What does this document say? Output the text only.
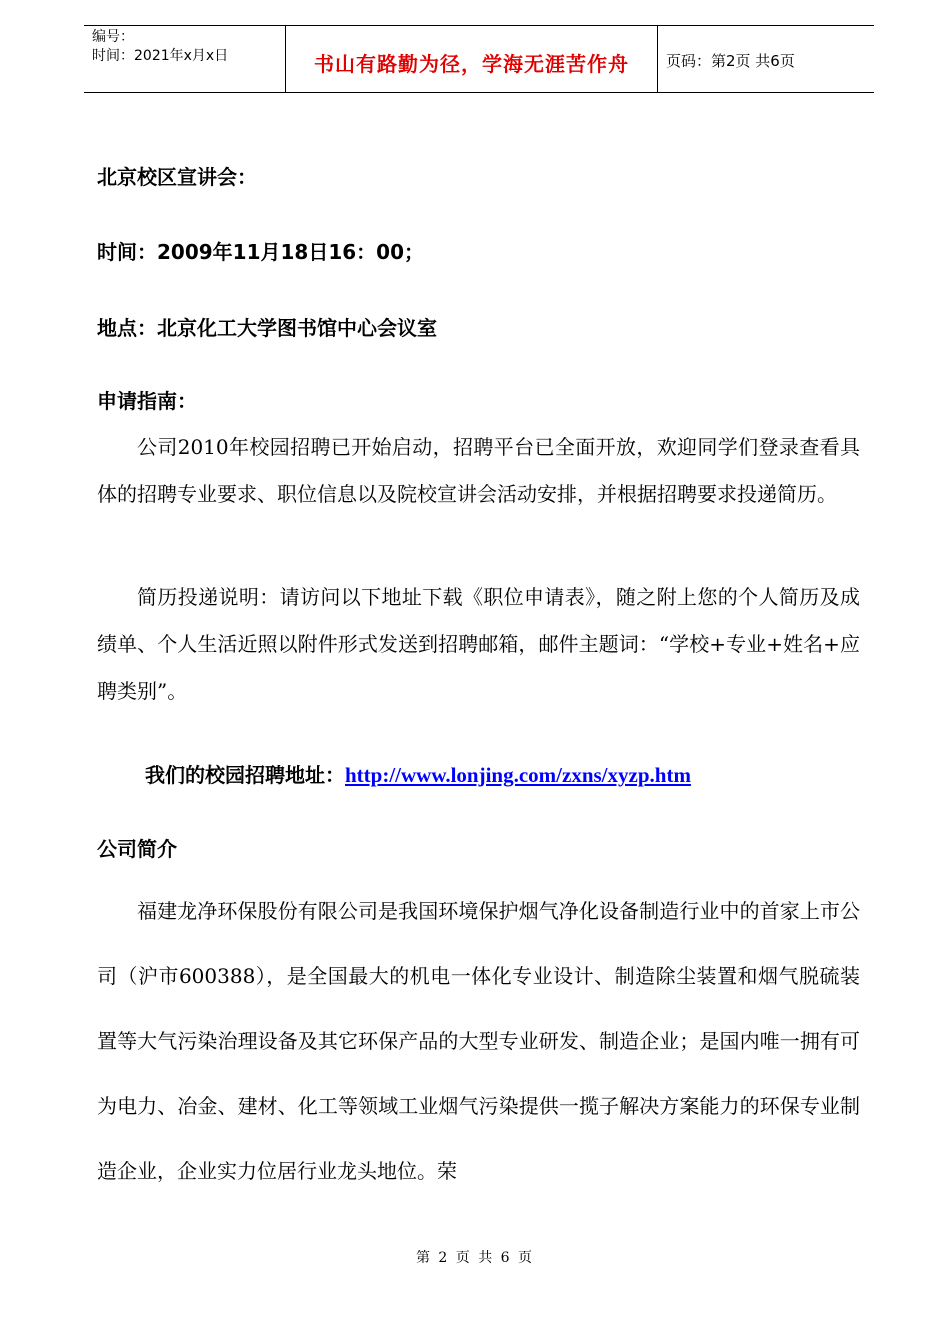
编号：
时间：2021年x月x日	书山有路勤为径，学海无涯苦作舟	页码：第2页 共6页
北京校区宣讲会：
时间：2009年11月18日16：00；
地点：北京化工大学图书馆中心会议室
申请指南：
公司2010年校园招聘已开始启动，招聘平台已全面开放，欢迎同学们登录查看具体的招聘专业要求、职位信息以及院校宣讲会活动安排，并根据招聘要求投递简历。
简历投递说明：请访问以下地址下载《职位申请表》，随之附上您的个人简历及成绩单、个人生活近照以附件形式发送到招聘邮箱，邮件主题词：“学校+专业+姓名+应聘类别”。
我们的校园招聘地址：http://www.lonjing.com/zxns/xyzp.htm
公司简介
福建龙净环保股份有限公司是我国环境保护烟气净化设备制造行业中的首家上市公司（沪市600388），是全国最大的机电一体化专业设计、制造除尘装置和烟气脱硫装置等大气污染治理设备及其它环保产品的大型专业研发、制造企业；是国内唯一拥有可为电力、冶金、建材、化工等领域工业烟气污染提供一揽子解决方案能力的环保专业制造企业，企业实力位居行业龙头地位。荣
第 2 页 共 6 页
